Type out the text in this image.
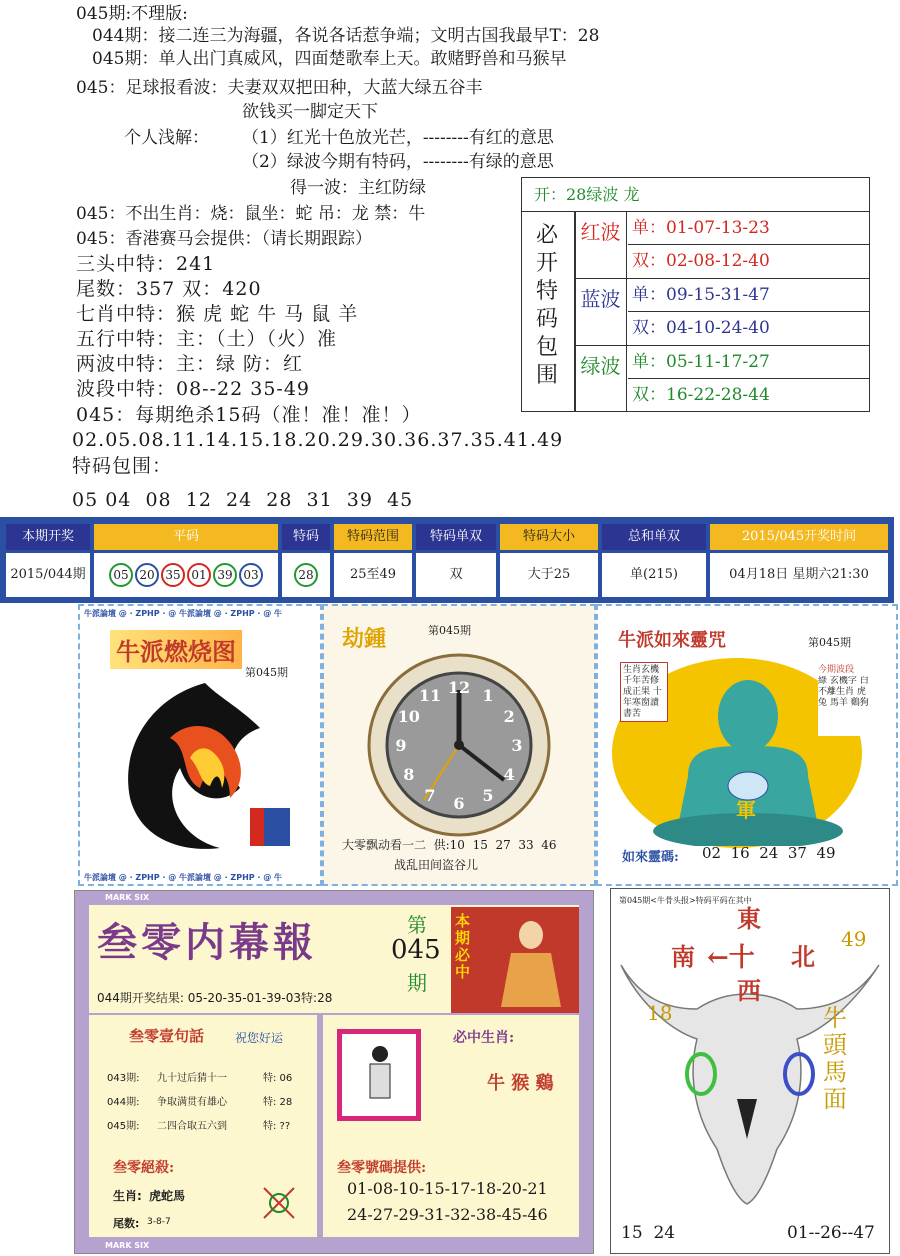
045期:不理版:
044期：接二连三为海疆，各说各话惹争端；文明古国我最早T：28
045期：单人出门真威风，四面楚歌奉上天。敢赌野兽和马猴早
045：足球报看波：夫妻双双把田种，大蓝大绿五谷丰
欲钱买一脚定天下
个人浅解： （1）红光十色放光芒，--------有红的意思
（2）绿波今期有特码，--------有绿的意思
得一波：主红防绿
045：不出生肖：烧：鼠坐：蛇 吊：龙 禁：牛
045：香港赛马会提供：（请长期跟踪）
三头中特：241
尾数：357 双：420
七肖中特：猴 虎 蛇 牛 马 鼠 羊
五行中特：主：（土）（火）准
两波中特：主：绿 防：红
波段中特：08--22 35-49
045：每期绝杀15码（准！准！准！）
02.05.08.11.14.15.18.20.29.30.36.37.35.41.49
特码包围：
05 04  08  12  24  28  31  39  45
开：28绿波 龙
必开特码包围
红波 单：01-07-13-23
双：02-08-12-40
蓝波 单：09-15-31-47
双：04-10-24-40
绿波 单：05-11-17-27
双：16-22-28-44
本期开奖	平码	特码	特码范围	特码单双	特码大小	总和单双	2015/045开奖时间
2015/044期	05 20 35 01 39 03	28	25至49	双	大于25	单(215)	04月18日 星期六21:30
牛派論壇 @ · ZPHP · @ 牛派論壇 @ · ZPHP · @ 牛
牛派論壇 @ · ZPHP · @ 牛派論壇 @ · ZPHP · @ 牛
牛派燃烧图
第045期
劫鍾	第045期
12 1
2
3
4
5
6
7
8
9
10
11
大零飘动看一二  供:10  15  27  33  46
战乱田间盗谷儿
牛派如來靈咒	第045期
生肖玄機 千年苦修成正果 十年寒窗讀書苦
今期波段
綠 玄機字 白 不離生肖 虎兔 馬羊 鷄狗
軍
如來靈碼: 02  16  24  37  49
MARK SIX
MARK SIX
叁零内幕報	第
045
期
本期必中
044期开奖结果: 05-20-35-01-39-03特:28
叁零壹句話	祝您好运
043期: 九十过后猜十一	特: 06
044期: 争取满贯有雄心	特: 28
045期: 二四合取五六到	特: ??
叁零絕殺:
生肖: 虎蛇馬
尾数: 3-8-7
必中生肖:
牛 猴 鷄
叁零號碼提供:
01-08-10-15-17-18-20-21
24-27-29-31-32-38-45-46
第045期<牛骨头报>特码平码在其中
東
南 ←十 北
西
49
18	牛頭馬面
15  24	01--26--47
